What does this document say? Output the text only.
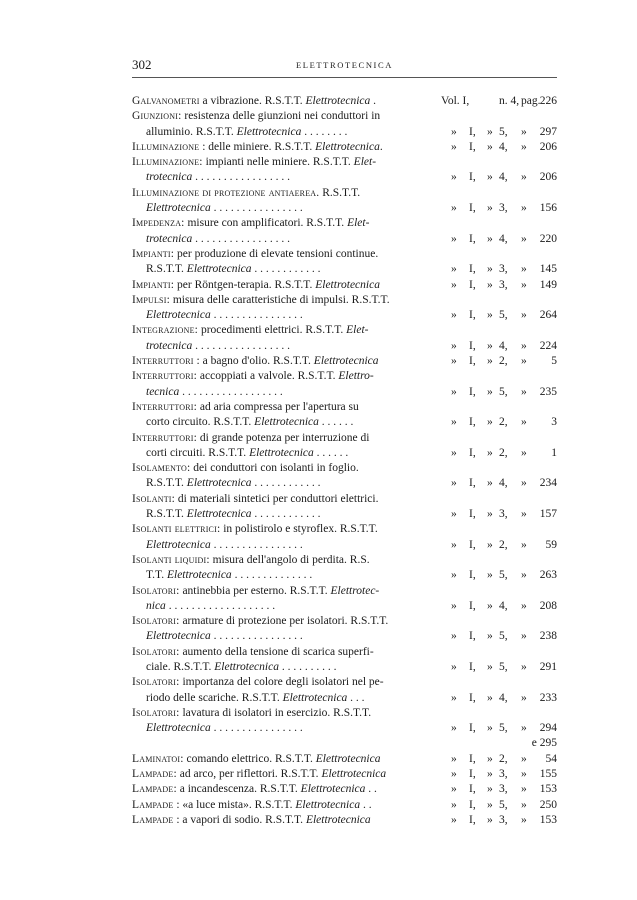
302	ELETTROTECNICA
Galvanometri a vibrazione. R.S.T.T. Elettrotecnica .	Vol. I,	n. 4, pag. 226
Giunzioni: resistenza delle giunzioni nei conduttori in
alluminio. R.S.T.T. Elettrotecnica . . . . . . . .	» I, » 5, » 297
Illuminazione : delle miniere. R.S.T.T. Elettrotecnica.	» I, » 4, » 206
Illuminazione: impianti nelle miniere. R.S.T.T. Elet-
trotecnica . . . . . . . . . . . . . . . . .	» I, » 4, » 206
Illuminazione di protezione antiaerea. R.S.T.T.
Elettrotecnica . . . . . . . . . . . . . . . .	» I, » 3, » 156
Impedenza: misure con amplificatori. R.S.T.T. Elet-
trotecnica . . . . . . . . . . . . . . . . .	» I, » 4, » 220
Impianti: per produzione di elevate tensioni continue.
R.S.T.T. Elettrotecnica . . . . . . . . . . . .	» I, » 3, » 145
Impianti: per Röntgen-terapia. R.S.T.T. Elettrotecnica	» I, » 3, » 149
Impulsi: misura delle caratteristiche di impulsi. R.S.T.T.
Elettrotecnica . . . . . . . . . . . . . . . .	» I, » 5, » 264
Integrazione: procedimenti elettrici. R.S.T.T. Elet-
trotecnica . . . . . . . . . . . . . . . . .	» I, » 4, » 224
Interruttori : a bagno d'olio. R.S.T.T. Elettrotecnica	» I, » 2, » 5
Interruttori: accoppiati a valvole. R.S.T.T. Elettro-
tecnica . . . . . . . . . . . . . . . . . .	» I, » 5, » 235
Interruttori: ad aria compressa per l'apertura su
corto circuito. R.S.T.T. Elettrotecnica . . . . . .	» I, » 2, » 3
Interruttori: di grande potenza per interruzione di
corti circuiti. R.S.T.T. Elettrotecnica . . . . . .	» I, » 2, » 1
Isolamento: dei conduttori con isolanti in foglio.
R.S.T.T. Elettrotecnica . . . . . . . . . . . .	» I, » 4, » 234
Isolanti: di materiali sintetici per conduttori elettrici.
R.S.T.T. Elettrotecnica . . . . . . . . . . . .	» I, » 3, » 157
Isolanti elettrici: in polistirolo e styroflex. R.S.T.T.
Elettrotecnica . . . . . . . . . . . . . . . .	» I, » 2, » 59
Isolanti liquidi: misura dell'angolo di perdita. R.S.
T.T. Elettrotecnica . . . . . . . . . . . . . .	» I, » 5, » 263
Isolatori: antinebbia per esterno. R.S.T.T. Elettrotec-
nica . . . . . . . . . . . . . . . . . . .	» I, » 4, » 208
Isolatori: armature di protezione per isolatori. R.S.T.T.
Elettrotecnica . . . . . . . . . . . . . . . .	» I, » 5, » 238
Isolatori: aumento della tensione di scarica superfi-
ciale. R.S.T.T. Elettrotecnica . . . . . . . . . .	» I, » 5, » 291
Isolatori: importanza del colore degli isolatori nel pe-
riodo delle scariche. R.S.T.T. Elettrotecnica . . .	» I, » 4, » 233
Isolatori: lavatura di isolatori in esercizio. R.S.T.T.
Elettrotecnica . . . . . . . . . . . . . . . .	» I, » 5, » 294
e 295
Laminatoi: comando elettrico. R.S.T.T. Elettrotecnica	» I, » 2, » 54
Lampade: ad arco, per riflettori. R.S.T.T. Elettrotecnica	» I, » 3, » 155
Lampade: a incandescenza. R.S.T.T. Elettrotecnica . .	» I, » 3, » 153
Lampade : «a luce mista». R.S.T.T. Elettrotecnica . .	» I, » 5, » 250
Lampade : a vapori di sodio. R.S.T.T. Elettrotecnica	» I, » 3, » 153
